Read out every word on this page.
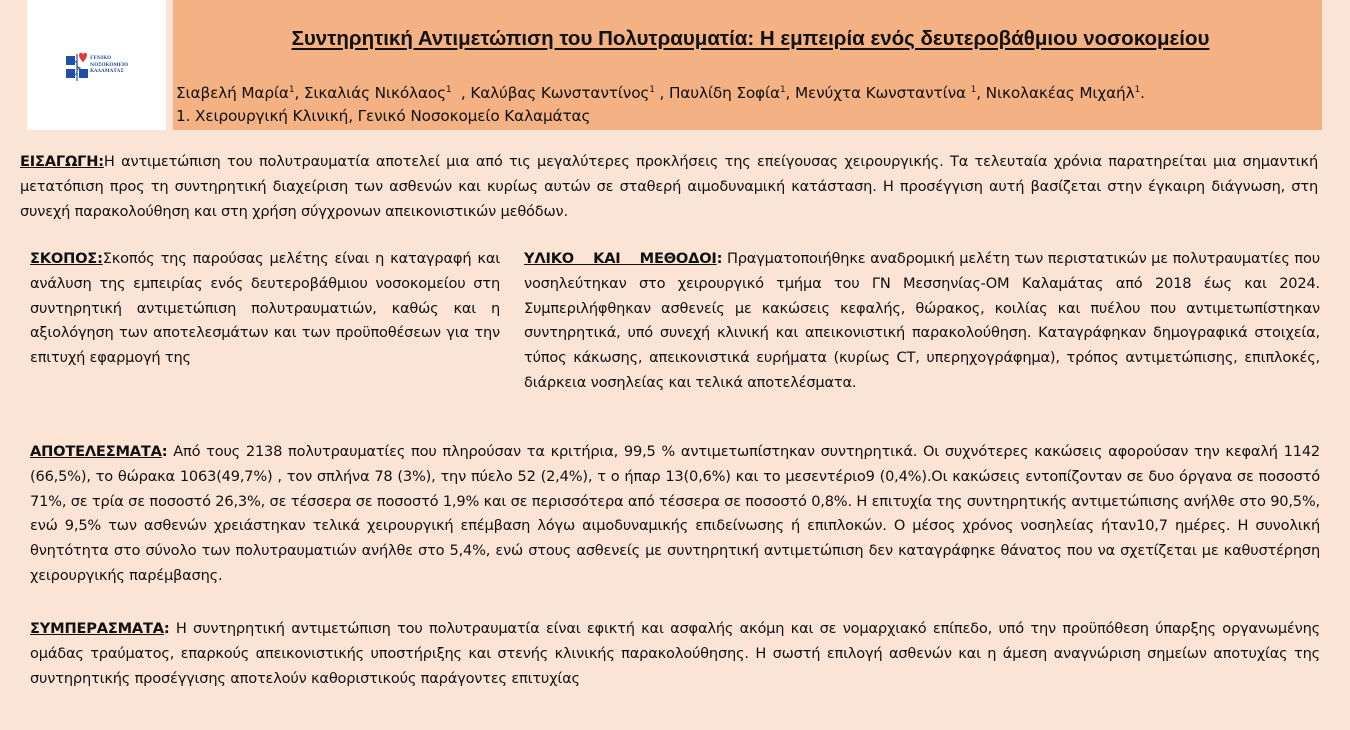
ΓΕΝΙΚΟ
ΝΟΣΟΚΟΜΕΙΟ
ΚΑΛΑΜΑΤΑΣ
Συντηρητική Αντιμετώπιση του Πολυτραυματία: Η εμπειρία ενός δευτεροβάθμιου νοσοκομείου
Σιαβελή Μαρία$^1$, Σικαλιάς Νικόλαος$^1$  , Καλύβας Κωνσταντίνος$^1$ , Παυλίδη Σοφία$^1$, Μενύχτα Κωνσταντίνα $^1$, Νικολακέας Μιχαήλ$^1$.
1. Χειρουργική Κλινική, Γενικό Νοσοκομείο Καλαμάτας
ΕΙΣΑΓΩΓΗ:Η αντιμετώπιση του πολυτραυματία αποτελεί μια από τις μεγαλύτερες προκλήσεις της επείγουσας χειρουργικής. Τα τελευταία χρόνια παρατηρείται μια σημαντική μετατόπιση προς τη συντηρητική διαχείριση των ασθενών και κυρίως αυτών σε σταθερή αιμοδυναμική κατάσταση. Η προσέγγιση αυτή βασίζεται στην έγκαιρη διάγνωση, στη συνεχή παρακολούθηση και στη χρήση σύγχρονων απεικονιστικών μεθόδων.
ΣΚΟΠΟΣ:Σκοπός της παρούσας μελέτης είναι η καταγραφή και ανάλυση της εμπειρίας ενός δευτεροβάθμιου νοσοκομείου στη συντηρητική αντιμετώπιση πολυτραυματιών, καθώς και η αξιολόγηση των αποτελεσμάτων και των προϋποθέσεων για την επιτυχή εφαρμογή της
ΥΛΙΚΟ ΚΑΙ ΜΕΘΟΔΟΙ: Πραγματοποιήθηκε αναδρομική μελέτη των περιστατικών με πολυτραυματίες που νοσηλεύτηκαν στο χειρουργικό τμήμα του ΓΝ Μεσσηνίας-ΟΜ Καλαμάτας από 2018 έως και 2024. Συμπεριλήφθηκαν ασθενείς με κακώσεις κεφαλής, θώρακος, κοιλίας και πυέλου που αντιμετωπίστηκαν συντηρητικά, υπό συνεχή κλινική και απεικονιστική παρακολούθηση. Καταγράφηκαν δημογραφικά στοιχεία, τύπος κάκωσης, απεικονιστικά ευρήματα (κυρίως CT, υπερηχογράφημα), τρόπος αντιμετώπισης, επιπλοκές, διάρκεια νοσηλείας και τελικά αποτελέσματα.
ΑΠΟΤΕΛΕΣΜΑΤΑ: Από τους 2138 πολυτραυματίες που πληρούσαν τα κριτήρια, 99,5 % αντιμετωπίστηκαν συντηρητικά. Οι συχνότερες κακώσεις αφορούσαν την κεφαλή 1142 (66,5%), το θώρακα 1063(49,7%) , τον σπλήνα 78 (3%), την πύελο 52 (2,4%), τ ο ήπαρ 13(0,6%) και το μεσεντέριο9 (0,4%).Οι κακώσεις εντοπίζονταν σε δυο όργανα σε ποσοστό 71%, σε τρία σε ποσοστό 26,3%, σε τέσσερα σε ποσοστό 1,9% και σε περισσότερα από τέσσερα σε ποσοστό 0,8%. Η επιτυχία της συντηρητικής αντιμετώπισης ανήλθε στο 90,5%, ενώ 9,5% των ασθενών χρειάστηκαν τελικά χειρουργική επέμβαση λόγω αιμοδυναμικής επιδείνωσης ή επιπλοκών. Ο μέσος χρόνος νοσηλείας ήταν10,7 ημέρες. Η συνολική θνητότητα στο σύνολο των πολυτραυματιών ανήλθε στο 5,4%, ενώ στους ασθενείς με συντηρητική αντιμετώπιση δεν καταγράφηκε θάνατος που να σχετίζεται με καθυστέρηση χειρουργικής παρέμβασης.
ΣΥΜΠΕΡΑΣΜΑΤΑ: Η συντηρητική αντιμετώπιση του πολυτραυματία είναι εφικτή και ασφαλής ακόμη και σε νομαρχιακό επίπεδο, υπό την προϋπόθεση ύπαρξης οργανωμένης ομάδας τραύματος, επαρκούς απεικονιστικής υποστήριξης και στενής κλινικής παρακολούθησης. Η σωστή επιλογή ασθενών και η άμεση αναγνώριση σημείων αποτυχίας της συντηρητικής προσέγγισης αποτελούν καθοριστικούς παράγοντες επιτυχίας
